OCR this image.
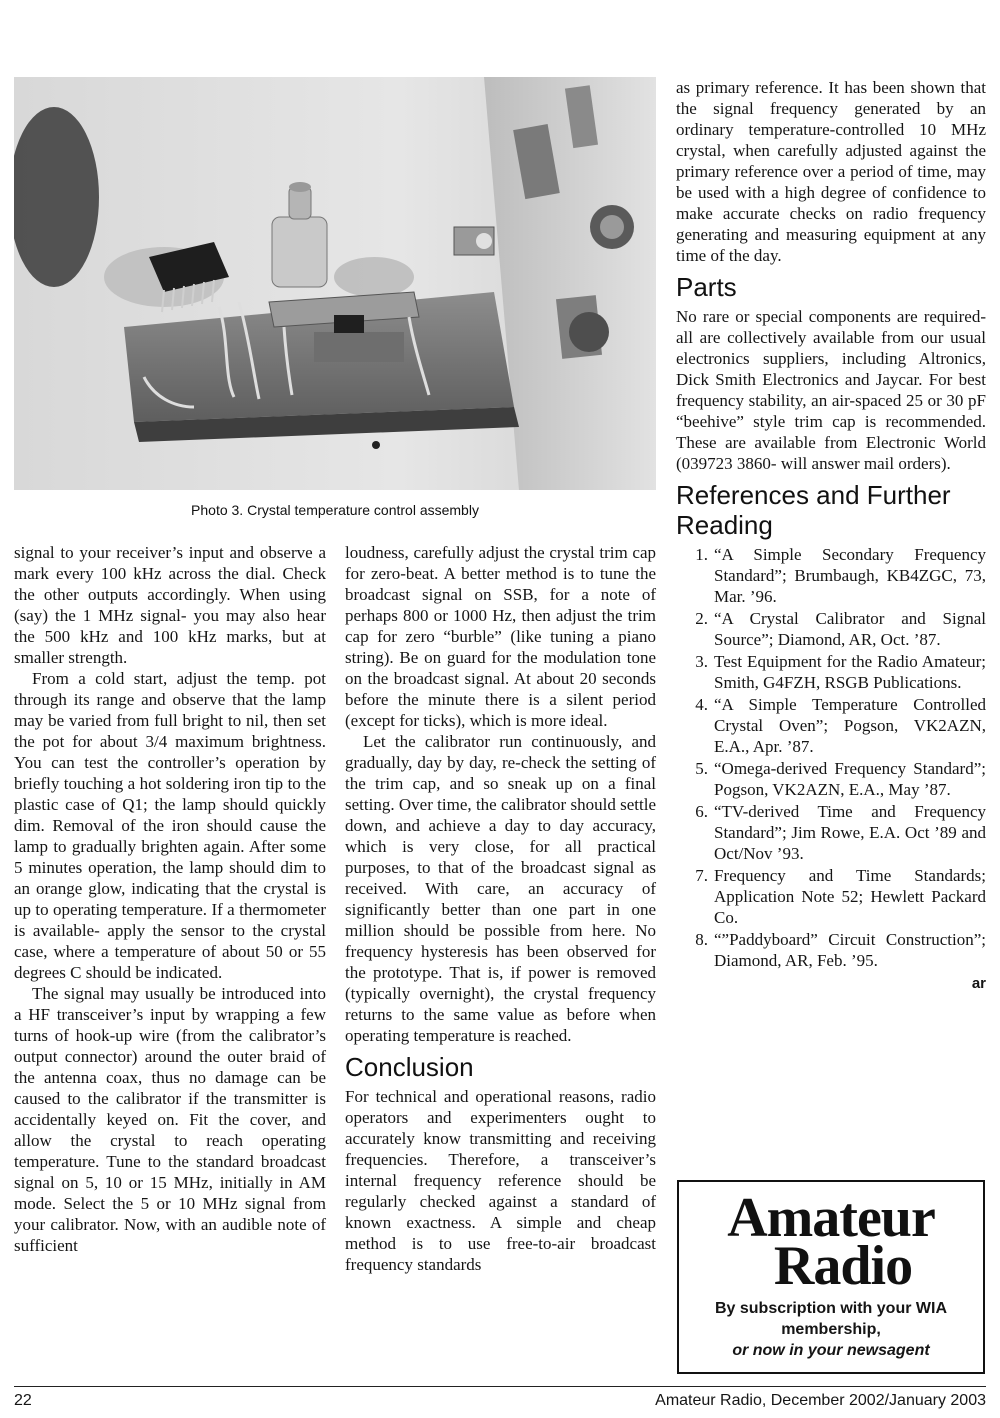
Photo 3. Crystal temperature control assembly

signal to your receiver’s input and observe a mark every 100 kHz across the dial. Check the other outputs accordingly. When using (say) the 1 MHz signal- you may also hear the 500 kHz and 100 kHz marks, but at smaller strength.

From a cold start, adjust the temp. pot through its range and observe that the lamp may be varied from full bright to nil, then set the pot for about 3/4 maximum brightness. You can test the controller’s operation by briefly touching a hot soldering iron tip to the plastic case of Q1; the lamp should quickly dim. Removal of the iron should cause the lamp to gradually brighten again. After some 5 minutes operation, the lamp should dim to an orange glow, indicating that the crystal is up to operating temperature. If a thermometer is available- apply the sensor to the crystal case, where a temperature of about 50 or 55 degrees C should be indicated.

The signal may usually be introduced into a HF transceiver’s input by wrapping a few turns of hook-up wire (from the calibrator’s output connector) around the outer braid of the antenna coax, thus no damage can be caused to the calibrator if the transmitter is accidentally keyed on. Fit the cover, and allow the crystal to reach operating temperature. Tune to the standard broadcast signal on 5, 10 or 15 MHz, initially in AM mode. Select the 5 or 10 MHz signal from your calibrator. Now, with an audible note of sufficient

loudness, carefully adjust the crystal trim cap for zero-beat. A better method is to tune the broadcast signal on SSB, for a note of perhaps 800 or 1000 Hz, then adjust the trim cap for zero “burble” (like tuning a piano string). Be on guard for the modulation tone on the broadcast signal. At about 20 seconds before the minute there is a silent period (except for ticks), which is more ideal.

Let the calibrator run continuously, and gradually, day by day, re-check the setting of the trim cap, and so sneak up on a final setting. Over time, the calibrator should settle down, and achieve a day to day accuracy, which is very close, for all practical purposes, to that of the broadcast signal as received. With care, an accuracy of significantly better than one part in one million should be possible from here. No frequency hysteresis has been observed for the prototype. That is, if power is removed (typically overnight), the crystal frequency returns to the same value as before when operating temperature is reached.

Conclusion

For technical and operational reasons, radio operators and experimenters ought to accurately know transmitting and receiving frequencies. Therefore, a transceiver’s internal frequency reference should be regularly checked against a standard of known exactness. A simple and cheap method is to use free-to-air broadcast frequency standards

as primary reference. It has been shown that the signal frequency generated by an ordinary temperature-controlled 10 MHz crystal, when carefully adjusted against the primary reference over a period of time, may be used with a high degree of confidence to make accurate checks on radio frequency generating and measuring equipment at any time of the day.

Parts

No rare or special components are required- all are collectively available from our usual electronics suppliers, including Altronics, Dick Smith Electronics and Jaycar. For best frequency stability, an air-spaced 25 or 30 pF “beehive” style trim cap is recommended. These are available from Electronic World (039723 3860- will answer mail orders).

References and Further Reading
1. “A Simple Secondary Frequency Standard”; Brumbaugh, KB4ZGC, 73, Mar. ’96.
2. “A Crystal Calibrator and Signal Source”; Diamond, AR, Oct. ’87.
3. Test Equipment for the Radio Amateur; Smith, G4FZH, RSGB Publications.
4. “A Simple Temperature Controlled Crystal Oven”; Pogson, VK2AZN, E.A., Apr. ’87.
5. “Omega-derived Frequency Standard”; Pogson, VK2AZN, E.A., May ’87.
6. “TV-derived Time and Frequency Standard”; Jim Rowe, E.A. Oct ’89 and Oct/Nov ’93.
7. Frequency and Time Standards; Application Note 52; Hewlett Packard Co.
8. “”Paddyboard” Circuit Construction”; Diamond, AR, Feb. ’95.
ar
Amateur
Radio
By subscription with your WIA
membership,
or now in your newsagent
22	Amateur Radio, December 2002/January 2003
